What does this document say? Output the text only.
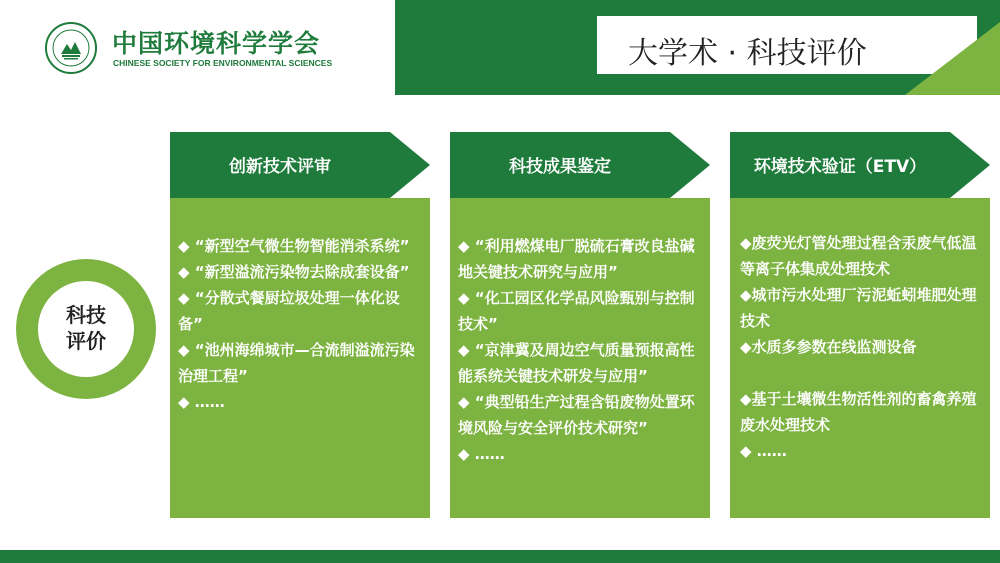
中国环境科学学会
CHINESE SOCIETY FOR ENVIRONMENTAL SCIENCES	大学术 · 科技评价
科技
评价
创新技术评审

◆ “新型空气微生物智能消杀系统”

◆ “新型溢流污染物去除成套设备”

◆ “分散式餐厨垃圾处理一体化设备”

◆ “池州海绵城市—合流制溢流污染治理工程”

◆ ……

科技成果鉴定

◆ “利用燃煤电厂脱硫石膏改良盐碱地关键技术研究与应用”

◆ “化工园区化学品风险甄别与控制技术”

◆ “京津冀及周边空气质量预报高性能系统关键技术研发与应用”

◆ “典型铅生产过程含铅废物处置环境风险与安全评价技术研究”

◆ ……

环境技术验证（ETV）

◆废荧光灯管处理过程含汞废气低温等离子体集成处理技术

◆城市污水处理厂污泥蚯蚓堆肥处理技术

◆水质多参数在线监测设备

◆基于土壤微生物活性剂的畜禽养殖废水处理技术

◆ ……
